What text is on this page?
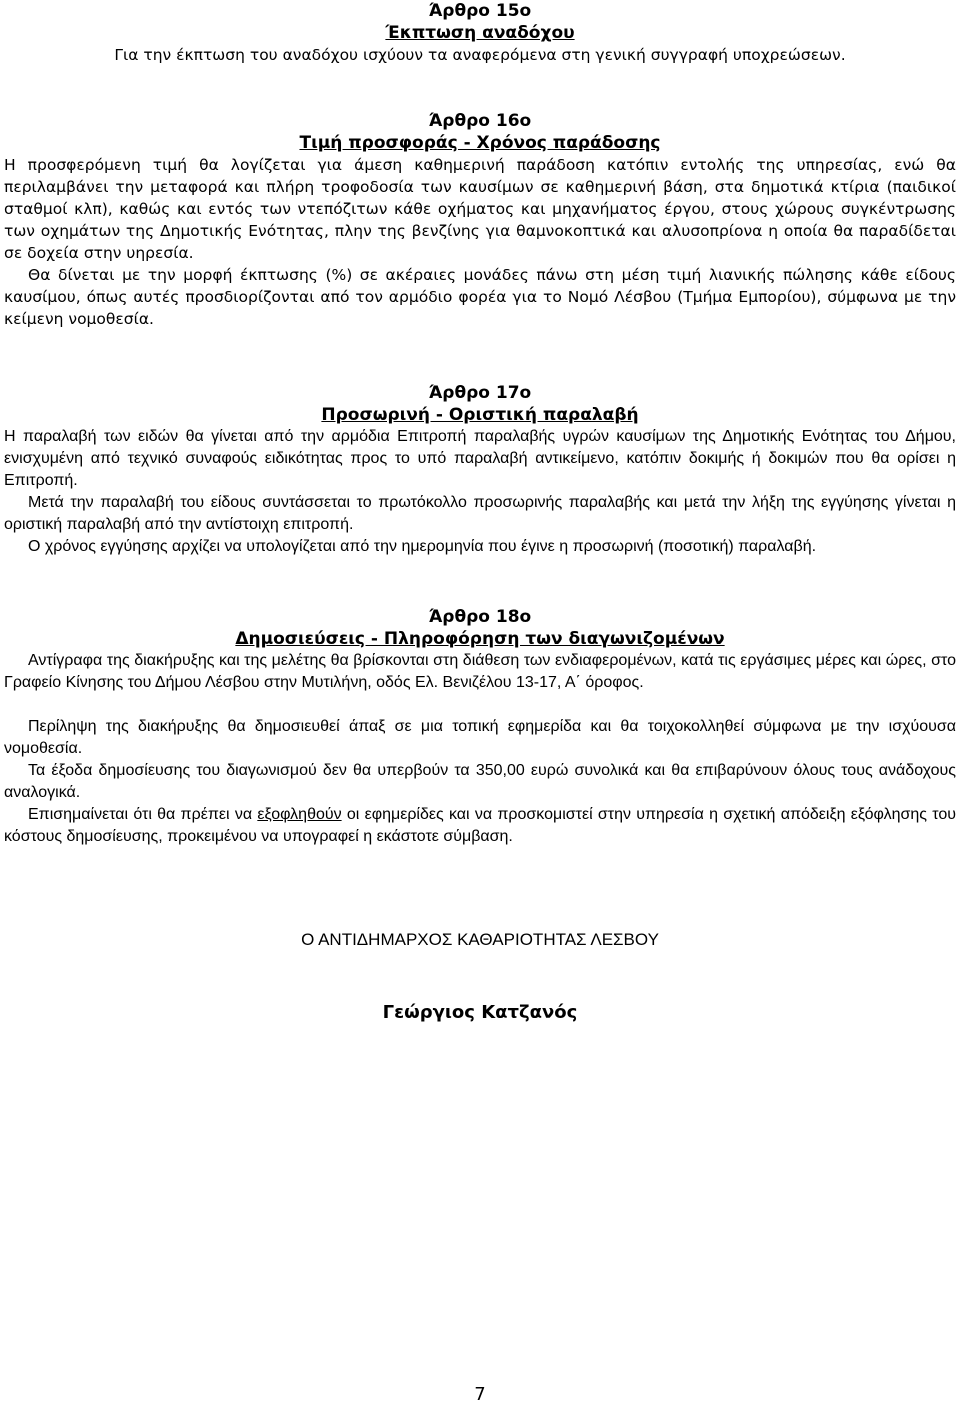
Άρθρο 15ο
Έκπτωση αναδόχου
Για την έκπτωση του αναδόχου ισχύουν τα αναφερόμενα στη γενική συγγραφή υποχρεώσεων.
Άρθρο 16ο
Τιμή προσφοράς - Χρόνος παράδοσης
Η προσφερόμενη τιμή θα λογίζεται για άμεση καθημερινή παράδοση κατόπιν εντολής της υπηρεσίας, ενώ θα περιλαμβάνει την μεταφορά και πλήρη τροφοδοσία των καυσίμων σε καθημερινή βάση, στα δημοτικά κτίρια (παιδικοί σταθμοί κλπ), καθώς και εντός των ντεπόζιτων κάθε οχήματος και μηχανήματος έργου, στους χώρους συγκέντρωσης των οχημάτων της Δημοτικής Ενότητας, πλην της βενζίνης για θαμνοκοπτικά και αλυσοπρίονα η οποία θα παραδίδεται σε δοχεία στην υηρεσία.
Θα δίνεται με την μορφή έκπτωσης (%) σε ακέραιες μονάδες πάνω στη μέση τιμή λιανικής πώλησης κάθε είδους καυσίμου, όπως αυτές προσδιορίζονται από τον αρμόδιο φορέα για το Νομό Λέσβου (Τμήμα Εμπορίου), σύμφωνα με την κείμενη νομοθεσία.
Άρθρο 17ο
Προσωρινή - Οριστική παραλαβή
Η παραλαβή των ειδών θα γίνεται από την αρμόδια Επιτροπή παραλαβής υγρών καυσίμων της Δημοτικής Ενότητας του Δήμου, ενισχυμένη από τεχνικό συναφούς ειδικότητας προς το υπό παραλαβή αντικείμενο, κατόπιν δοκιμής ή δοκιμών που θα ορίσει η Επιτροπή.
Μετά την παραλαβή του είδους συντάσσεται το πρωτόκολλο προσωρινής παραλαβής και μετά την λήξη της εγγύησης γίνεται η οριστική παραλαβή από την αντίστοιχη επιτροπή.
Ο χρόνος εγγύησης αρχίζει να υπολογίζεται από την ημερομηνία που έγινε η προσωρινή (ποσοτική) παραλαβή.
Άρθρο 18ο
Δημοσιεύσεις - Πληροφόρηση των διαγωνιζομένων
Αντίγραφα της διακήρυξης και της μελέτης θα βρίσκονται στη διάθεση των ενδιαφερομένων, κατά τις εργάσιμες μέρες και ώρες, στο Γραφείο Κίνησης του Δήμου Λέσβου στην Μυτιλήνη, οδός Ελ. Βενιζέλου 13-17, Α΄ όροφος.
Περίληψη της διακήρυξης θα δημοσιευθεί άπαξ σε μια τοπική εφημερίδα και θα τοιχοκολληθεί σύμφωνα με την ισχύουσα νομοθεσία.
Τα έξοδα δημοσίευσης του διαγωνισμού δεν θα υπερβούν τα 350,00 ευρώ συνολικά και θα επιβαρύνουν όλους τους ανάδοχους αναλογικά.
Επισημαίνεται ότι θα πρέπει να εξοφληθούν οι εφημερίδες και να προσκομιστεί στην υπηρεσία η σχετική απόδειξη εξόφλησης του κόστους δημοσίευσης, προκειμένου να υπογραφεί η εκάστοτε σύμβαση.
Ο ΑΝΤΙΔΗΜΑΡΧΟΣ ΚΑΘΑΡΙΟΤΗΤΑΣ ΛΕΣΒΟΥ
Γεώργιος Κατζανός
7
